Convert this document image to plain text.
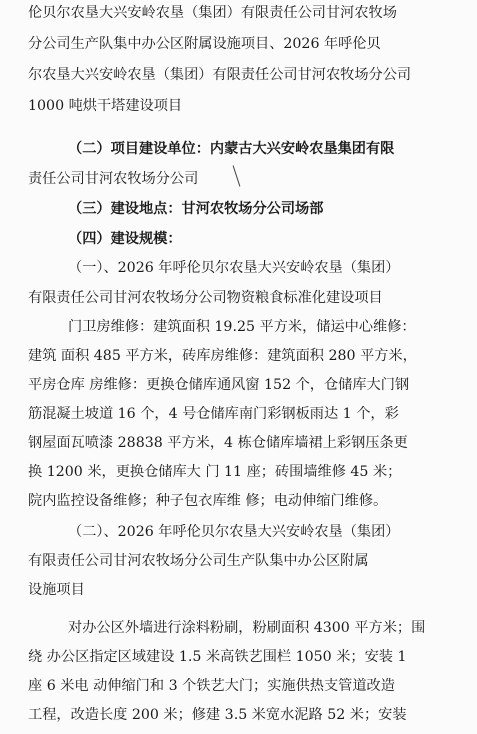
伦贝尔农垦大兴安岭农垦（集团）有限责任公司甘河农牧场
分公司生产队集中办公区附属设施项目、2026 年呼伦贝
尔农垦大兴安岭农垦（集团）有限责任公司甘河农牧场分公司
1000 吨烘干塔建设项目
（二）项目建设单位：内蒙古大兴安岭农垦集团有限
责任公司甘河农牧场分公司
（三）建设地点：甘河农牧场分公司场部
（四）建设规模：
（一）、2026 年呼伦贝尔农垦大兴安岭农垦（集团）
有限责任公司甘河农牧场分公司物资粮食标准化建设项目
门卫房维修：建筑面积 19.25 平方米，储运中心维修：
建筑 面积 485 平方米，砖库房维修：建筑面积 280 平方米，
平房仓库 房维修：更换仓储库通风窗 152 个，仓储库大门钢
筋混凝土坡道 16 个，4 号仓储库南门彩钢板雨达 1 个，彩
钢屋面瓦喷漆 28838 平方米，4 栋仓储库墙裙上彩钢压条更
换 1200 米，更换仓储库大 门 11 座；砖围墙维修 45 米；
院内监控设备维修；种子包衣库维 修；电动伸缩门维修。
（二）、2026 年呼伦贝尔农垦大兴安岭农垦（集团）
有限责任公司甘河农牧场分公司生产队集中办公区附属
设施项目
对办公区外墙进行涂料粉刷，粉刷面积 4300 平方米；围
绕 办公区指定区域建设 1.5 米高铁艺围栏 1050 米；安装 1
座 6 米电 动伸缩门和 3 个铁艺大门；实施供热支管道改造
工程，改造长度 200 米；修建 3.5 米宽水泥路 52 米；安装
